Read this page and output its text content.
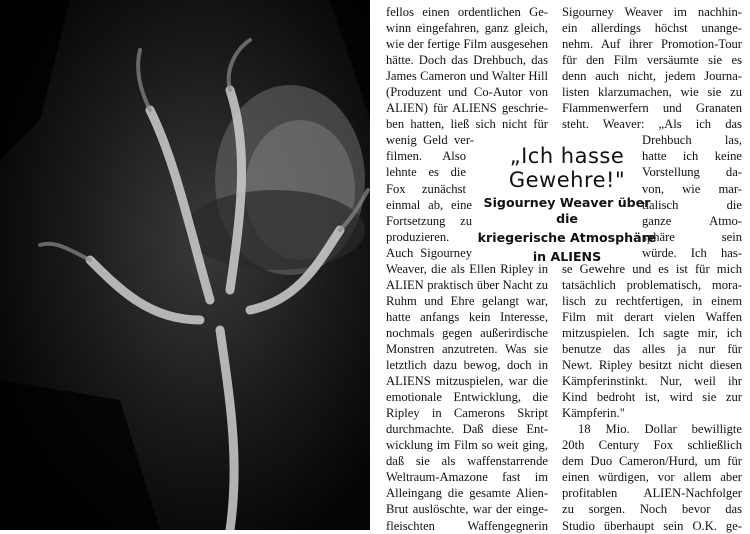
fellos einen ordentlichen Ge-
winn eingefahren, ganz gleich,
wie der fertige Film ausgesehen
hätte. Doch das Drehbuch, das
James Cameron und Walter Hill
(Produzent und Co-Autor von
ALIEN) für ALIENS geschrie-
ben hatten, ließ sich nicht für
wenig Geld ver-
filmen. Also
lehnte es die
Fox zunächst
einmal ab, eine
Fortsetzung zu
produzieren.
Auch Sigourney
Weaver, die als Ellen Ripley in
ALIEN praktisch über Nacht zu
Ruhm und Ehre gelangt war,
hatte anfangs kein Interesse,
nochmals gegen außerirdische
Monstren anzutreten. Was sie
letztlich dazu bewog, doch in
ALIENS mitzuspielen, war die
emotionale Entwicklung, die
Ripley in Camerons Skript
durchmachte. Daß diese Ent-
wicklung im Film so weit ging,
daß sie als waffenstarrende
Weltraum-Amazone fast im
Alleingang die gesamte Alien-
Brut auslöschte, war der einge-
fleischten Waffengegnerin
„Ich hasse
Gewehre!"
Sigourney Weaver über die
kriegerische Atmosphäre
in ALIENS
Sigourney Weaver im nachhin-
ein allerdings höchst unange-
nehm. Auf ihrer Promotion-Tour
für den Film versäumte sie es
denn auch nicht, jedem Journa-
listen klarzumachen, wie sie zu
Flammenwerfern und Granaten
steht. Weaver: „Als ich das
Drehbuch las,
hatte ich keine
Vorstellung da-
von, wie mar-
tialisch die
ganze Atmo-
sphäre sein
würde. Ich has-
se Gewehre und es ist für mich
tatsächlich problematisch, mora-
lisch zu rechtfertigen, in einem
Film mit derart vielen Waffen
mitzuspielen. Ich sagte mir, ich
benutze das alles ja nur für
Newt. Ripley besitzt nicht diesen
Kämpferinstinkt. Nur, weil ihr
Kind bedroht ist, wird sie zur
Kämpferin."
18 Mio. Dollar bewilligte
20th Century Fox schließlich
dem Duo Cameron/Hurd, um für
einen würdigen, vor allem aber
profitablen ALIEN-Nachfolger
zu sorgen. Noch bevor das
Studio überhaupt sein O.K. ge-
